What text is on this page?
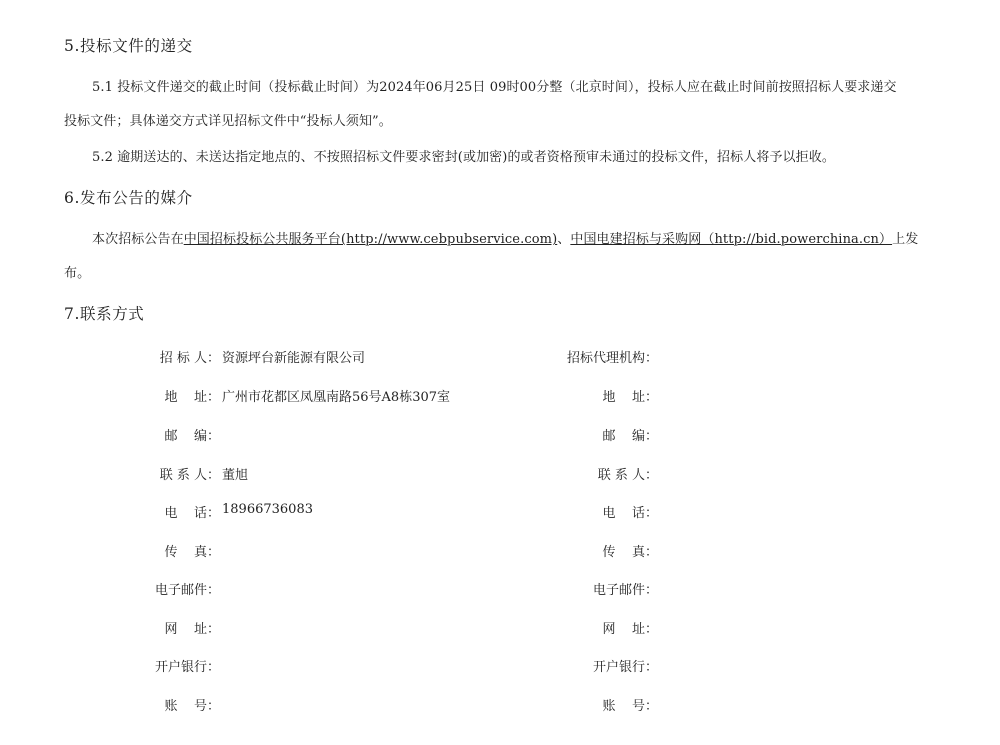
5.投标文件的递交
5.1 投标文件递交的截止时间（投标截止时间）为2024年06月25日 09时00分整（北京时间），投标人应在截止时间前按照招标人要求递交
投标文件；具体递交方式详见招标文件中“投标人须知”。
5.2 逾期送达的、未送达指定地点的、不按照招标文件要求密封(或加密)的或者资格预审未通过的投标文件，招标人将予以拒收。
6.发布公告的媒介
本次招标公告在中国招标投标公共服务平台(http://www.cebpubservice.com)、中国电建招标与采购网（http://bid.powerchina.cn）上发
布。
7.联系方式
招 标 人： 资源坪台新能源有限公司
地    址： 广州市花都区凤凰南路56号A8栋307室
邮    编：
联 系 人： 董旭
电    话： 18966736083
传    真：
电子邮件：
网    址：
开户银行：
账    号：
招标代理机构：
地    址：
邮    编：
联 系 人：
电    话：
传    真：
电子邮件：
网    址：
开户银行：
账    号：
